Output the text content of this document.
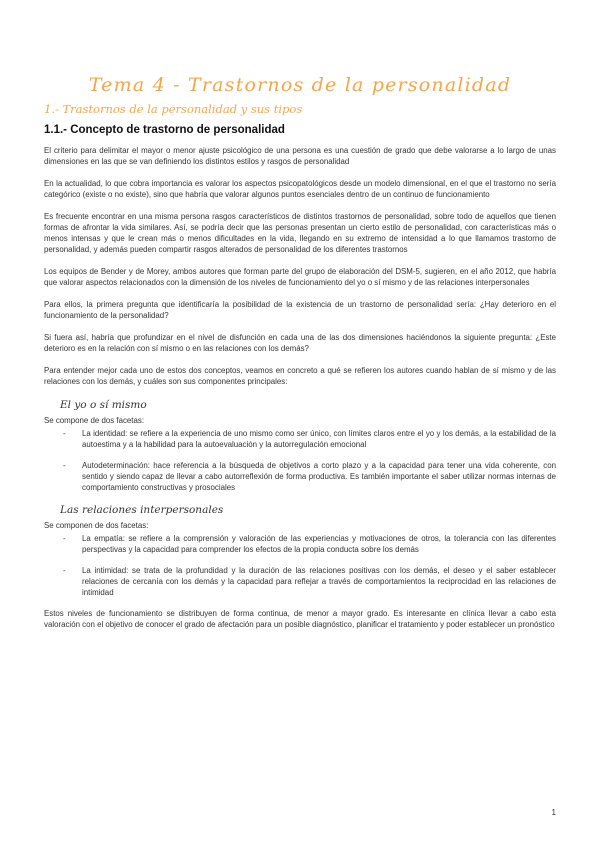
Tema 4 - Trastornos de la personalidad
1.- Trastornos de la personalidad y sus tipos
1.1.- Concepto de trastorno de personalidad

El criterio para delimitar el mayor o menor ajuste psicológico de una persona es una cuestión de grado que debe valorarse a lo largo de unas dimensiones en las que se van definiendo los distintos estilos y rasgos de personalidad

En la actualidad, lo que cobra importancia es valorar los aspectos psicopatológicos desde un modelo dimensional, en el que el trastorno no sería categórico (existe o no existe), sino que habría que valorar algunos puntos esenciales dentro de un continuo de funcionamiento

Es frecuente encontrar en una misma persona rasgos característicos de distintos trastornos de personalidad, sobre todo de aquellos que tienen formas de afrontar la vida similares. Así, se podría decir que las personas presentan un cierto estilo de personalidad, con características más o menos intensas y que le crean más o menos dificultades en la vida, llegando en su extremo de intensidad a lo que llamamos trastorno de personalidad, y además pueden compartir rasgos alterados de personalidad de los diferentes trastornos

Los equipos de Bender y de Morey, ambos autores que forman parte del grupo de elaboración del DSM-5, sugieren, en el año 2012, que habría que valorar aspectos relacionados con la dimensión de los niveles de funcionamiento del yo o sí mismo y de las relaciones interpersonales

Para ellos, la primera pregunta que identificaría la posibilidad de la existencia de un trastorno de personalidad sería: ¿Hay deterioro en el funcionamiento de la personalidad?

Si fuera así, habría que profundizar en el nivel de disfunción en cada una de las dos dimensiones haciéndonos la siguiente pregunta: ¿Este deterioro es en la relación con sí mismo o en las relaciones con los demás?

Para entender mejor cada uno de estos dos conceptos, veamos en concreto a qué se refieren los autores cuando hablan de sí mismo y de las relaciones con los demás, y cuáles son sus componentes principales:

El yo o sí mismo
Se compone de dos facetas:
- La identidad: se refiere a la experiencia de uno mismo como ser único, con límites claros entre el yo y los demás, a la estabilidad de la autoestima y a la habilidad para la autoevaluación y la autorregulación emocional
- Autodeterminación: hace referencia a la búsqueda de objetivos a corto plazo y a la capacidad para tener una vida coherente, con sentido y siendo capaz de llevar a cabo autorreflexión de forma productiva. Es también importante el saber utilizar normas internas de comportamiento constructivas y prosociales
Las relaciones interpersonales
Se componen de dos facetas:
- La empatía: se refiere a la comprensión y valoración de las experiencias y motivaciones de otros, la tolerancia con las diferentes perspectivas y la capacidad para comprender los efectos de la propia conducta sobre los demás
- La intimidad: se trata de la profundidad y la duración de las relaciones positivas con los demás, el deseo y el saber establecer relaciones de cercanía con los demás y la capacidad para reflejar a través de comportamientos la reciprocidad en las relaciones de intimidad

Estos niveles de funcionamiento se distribuyen de forma continua, de menor a mayor grado. Es interesante en clínica llevar a cabo esta valoración con el objetivo de conocer el grado de afectación para un posible diagnóstico, planificar el tratamiento y poder establecer un pronóstico

1
